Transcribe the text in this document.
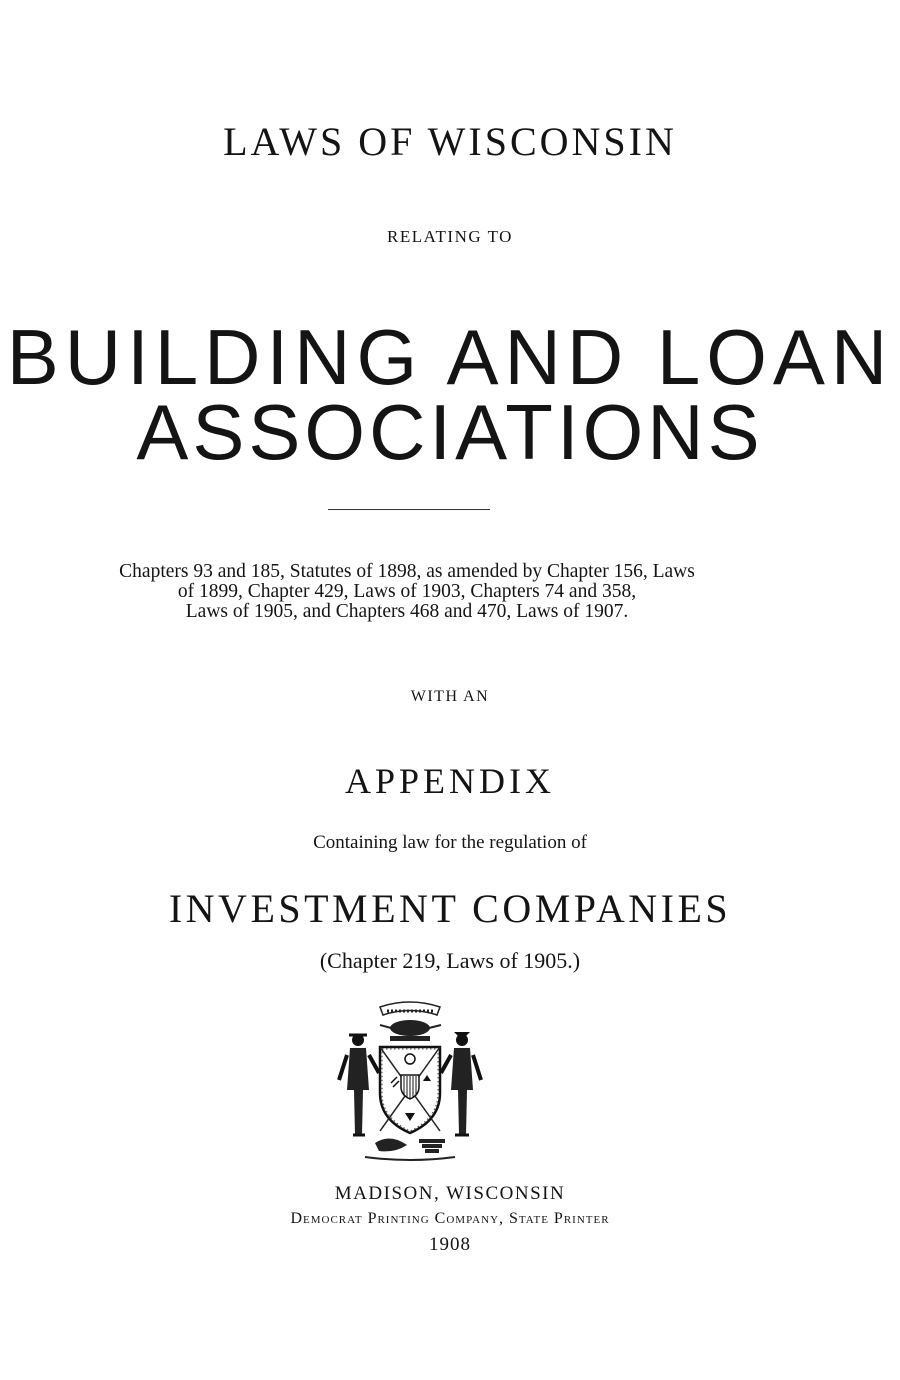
LAWS OF WISCONSIN
RELATING TO
BUILDING AND LOAN
ASSOCIATIONS
Chapters 93 and 185, Statutes of 1898, as amended by Chapter 156, Laws
of 1899, Chapter 429, Laws of 1903, Chapters 74 and 358,
Laws of 1905, and Chapters 468 and 470, Laws of 1907.
WITH AN
APPENDIX
Containing law for the regulation of
INVESTMENT COMPANIES
(Chapter 219, Laws of 1905.)
MADISON, WISCONSIN
Democrat Printing Company, State Printer
1908
